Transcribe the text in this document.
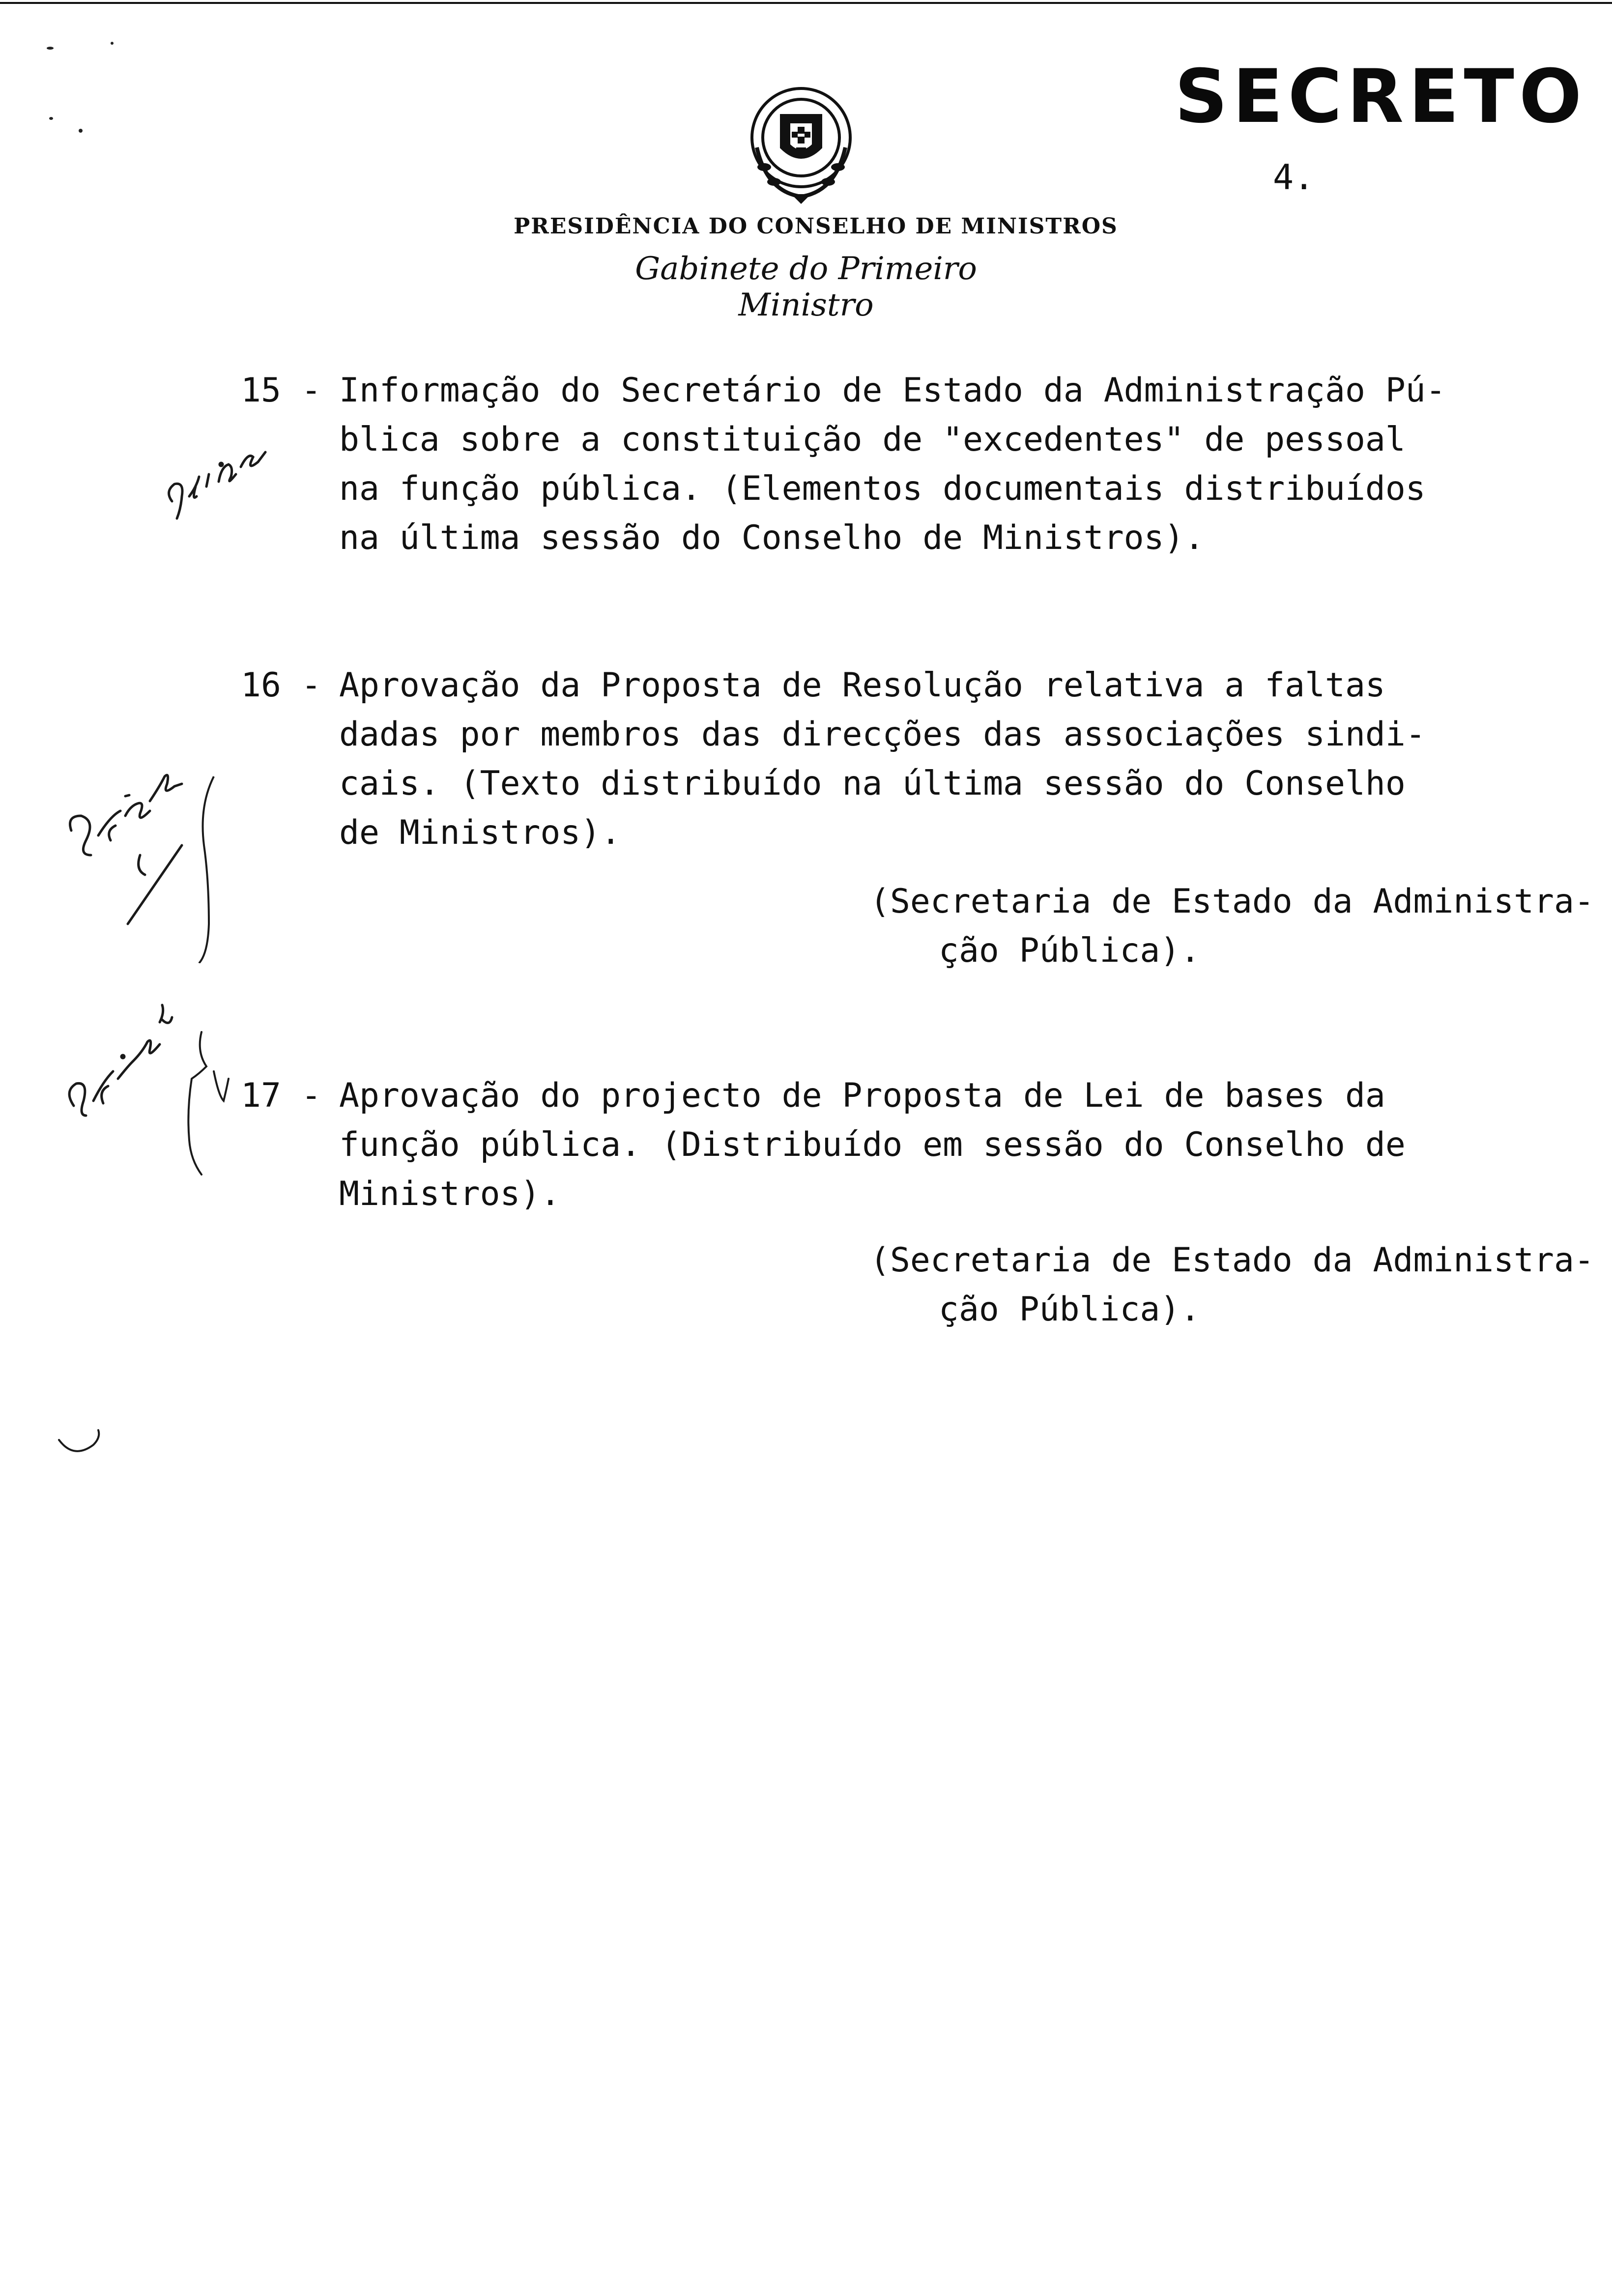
SECRETO
4.
PRESIDÊNCIA DO CONSELHO DE MINISTROS
Gabinete do Primeiro Ministro
15 - Informação do Secretário de Estado da Administração Pú-
blica sobre a constituição de "excedentes" de pessoal
na função pública. (Elementos documentais distribuídos
na última sessão do Conselho de Ministros).
16 - Aprovação da Proposta de Resolução relativa a faltas
dadas por membros das direcções das associações sindi-
cais. (Texto distribuído na última sessão do Conselho
de Ministros).
(Secretaria de Estado da Administra-
ção Pública).
17 - Aprovação do projecto de Proposta de Lei de bases da
função pública. (Distribuído em sessão do Conselho de
Ministros).
(Secretaria de Estado da Administra-
ção Pública).
